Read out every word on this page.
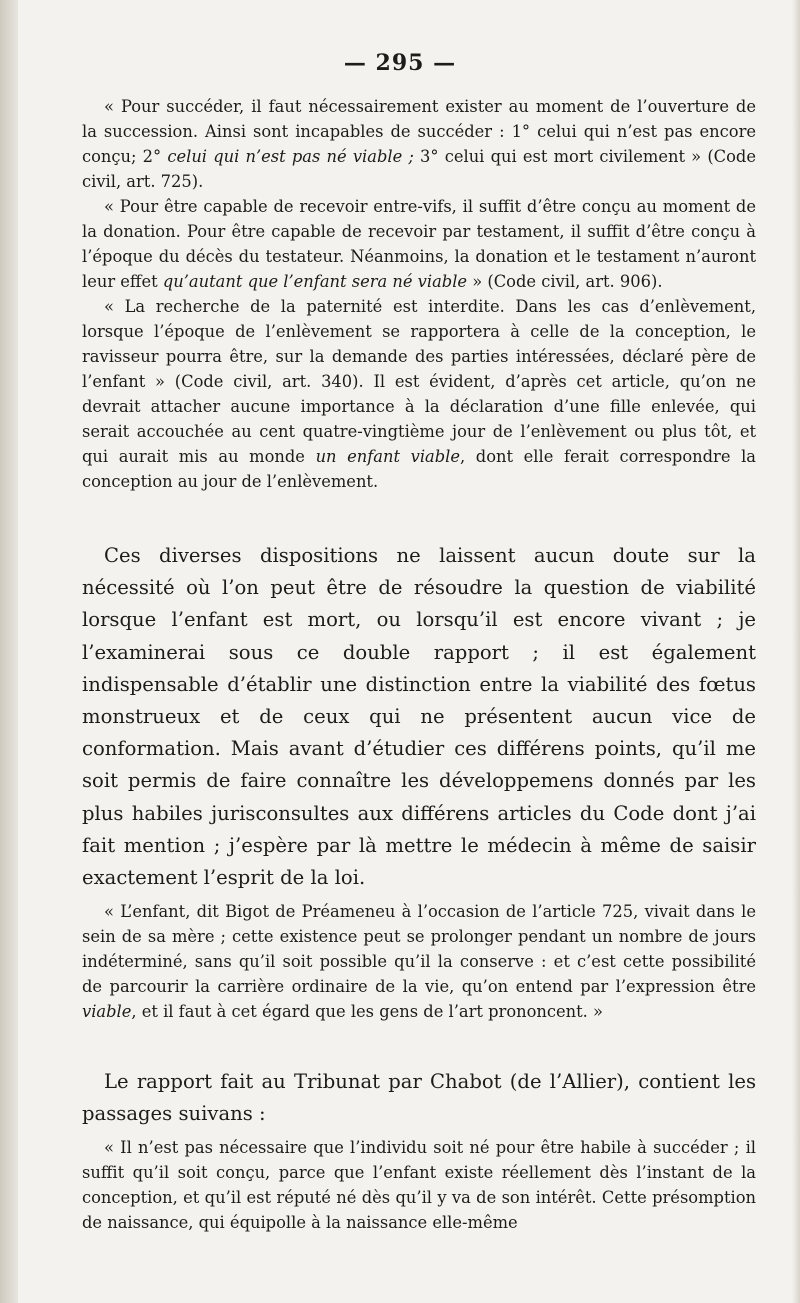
— 295 —

« Pour succéder, il faut nécessairement exister au moment de l’ouverture de la succession. Ainsi sont incapables de succéder : 1° celui qui n’est pas encore conçu; 2° celui qui n’est pas né viable ; 3° celui qui est mort civilement » (Code civil, art. 725).

« Pour être capable de recevoir entre-vifs, il suffit d’être conçu au moment de la donation. Pour être capable de recevoir par testament, il suffit d’être conçu à l’époque du décès du testateur. Néanmoins, la donation et le testament n’auront leur effet qu’autant que l’enfant sera né viable » (Code civil, art. 906).

« La recherche de la paternité est interdite. Dans les cas d’enlèvement, lorsque l’époque de l’enlèvement se rapportera à celle de la conception, le ravisseur pourra être, sur la demande des parties intéressées, déclaré père de l’enfant » (Code civil, art. 340). Il est évident, d’après cet article, qu’on ne devrait attacher aucune importance à la déclaration d’une fille enlevée, qui serait accouchée au cent quatre-vingtième jour de l’enlèvement ou plus tôt, et qui aurait mis au monde un enfant viable, dont elle ferait correspondre la conception au jour de l’enlèvement.

Ces diverses dispositions ne laissent aucun doute sur la nécessité où l’on peut être de résoudre la question de viabilité lorsque l’enfant est mort, ou lorsqu’il est encore vivant ; je l’examinerai sous ce double rapport ; il est également indispensable d’établir une distinction entre la viabilité des fœtus monstrueux et de ceux qui ne présentent aucun vice de conformation. Mais avant d’étudier ces différens points, qu’il me soit permis de faire connaître les développemens donnés par les plus habiles jurisconsultes aux différens articles du Code dont j’ai fait mention ; j’espère par là mettre le médecin à même de saisir exactement l’esprit de la loi.

« L’enfant, dit Bigot de Préameneu à l’occasion de l’article 725, vivait dans le sein de sa mère ; cette existence peut se prolonger pendant un nombre de jours indéterminé, sans qu’il soit possible qu’il la conserve : et c’est cette possibilité de parcourir la carrière ordinaire de la vie, qu’on entend par l’expression être viable, et il faut à cet égard que les gens de l’art prononcent. »

Le rapport fait au Tribunat par Chabot (de l’Allier), contient les passages suivans :

« Il n’est pas nécessaire que l’individu soit né pour être habile à succéder ; il suffit qu’il soit conçu, parce que l’enfant existe réellement dès l’instant de la conception, et qu’il est réputé né dès qu’il y va de son intérêt. Cette présomption de naissance, qui équipolle à la naissance elle-même
